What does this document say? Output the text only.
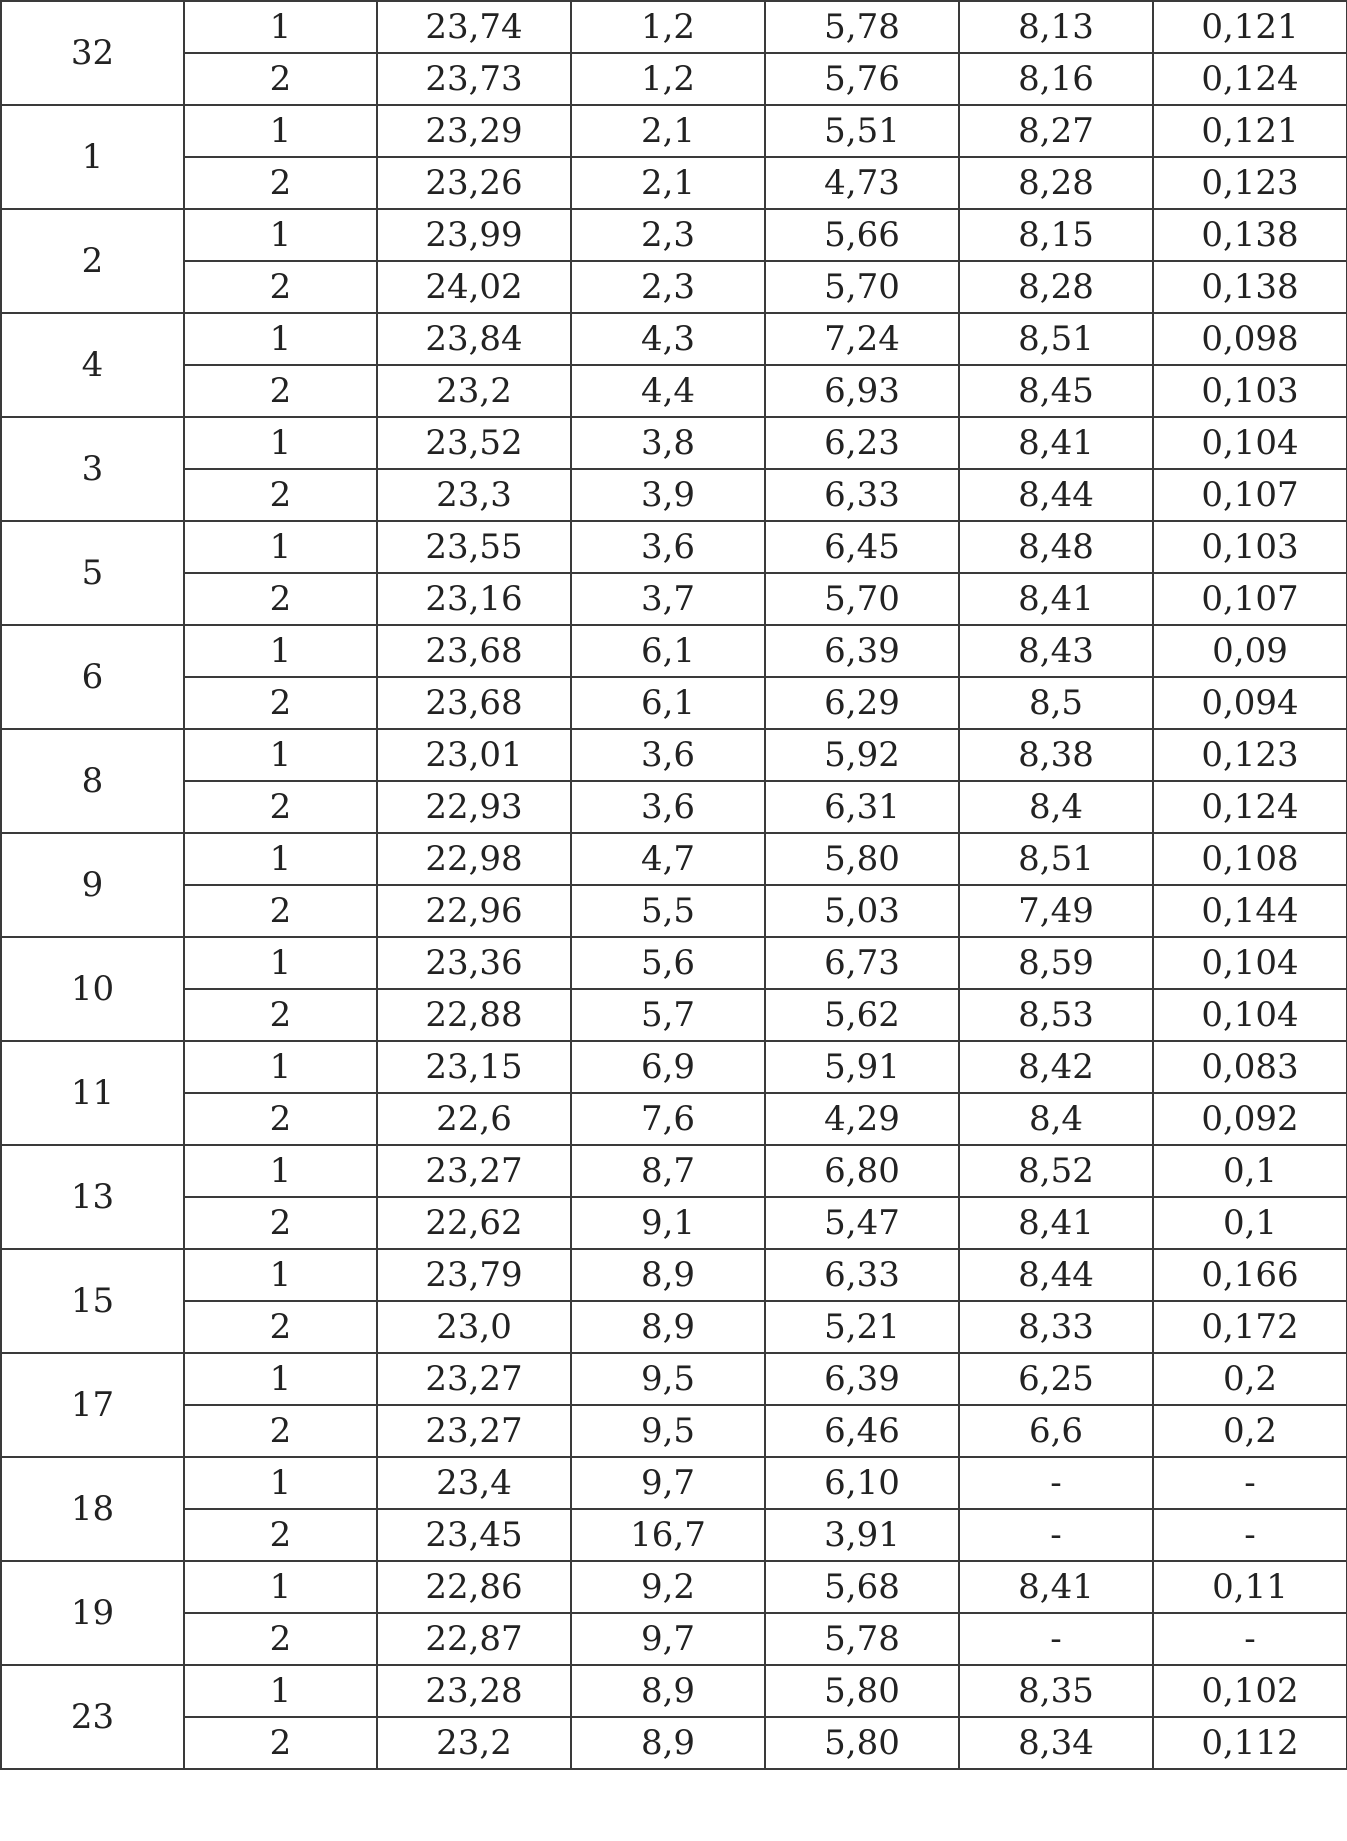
32	1	23,74	1,2	5,78	8,13	0,121
	2	23,73	1,2	5,76	8,16	0,124
1	1	23,29	2,1	5,51	8,27	0,121
	2	23,26	2,1	4,73	8,28	0,123
2	1	23,99	2,3	5,66	8,15	0,138
	2	24,02	2,3	5,70	8,28	0,138
4	1	23,84	4,3	7,24	8,51	0,098
	2	23,2	4,4	6,93	8,45	0,103
3	1	23,52	3,8	6,23	8,41	0,104
	2	23,3	3,9	6,33	8,44	0,107
5	1	23,55	3,6	6,45	8,48	0,103
	2	23,16	3,7	5,70	8,41	0,107
6	1	23,68	6,1	6,39	8,43	0,09
	2	23,68	6,1	6,29	8,5	0,094
8	1	23,01	3,6	5,92	8,38	0,123
	2	22,93	3,6	6,31	8,4	0,124
9	1	22,98	4,7	5,80	8,51	0,108
	2	22,96	5,5	5,03	7,49	0,144
10	1	23,36	5,6	6,73	8,59	0,104
	2	22,88	5,7	5,62	8,53	0,104
11	1	23,15	6,9	5,91	8,42	0,083
	2	22,6	7,6	4,29	8,4	0,092
13	1	23,27	8,7	6,80	8,52	0,1
	2	22,62	9,1	5,47	8,41	0,1
15	1	23,79	8,9	6,33	8,44	0,166
	2	23,0	8,9	5,21	8,33	0,172
17	1	23,27	9,5	6,39	6,25	0,2
	2	23,27	9,5	6,46	6,6	0,2
18	1	23,4	9,7	6,10	-	-
	2	23,45	16,7	3,91	-	-
19	1	22,86	9,2	5,68	8,41	0,11
	2	22,87	9,7	5,78	-	-
23	1	23,28	8,9	5,80	8,35	0,102
	2	23,2	8,9	5,80	8,34	0,112
